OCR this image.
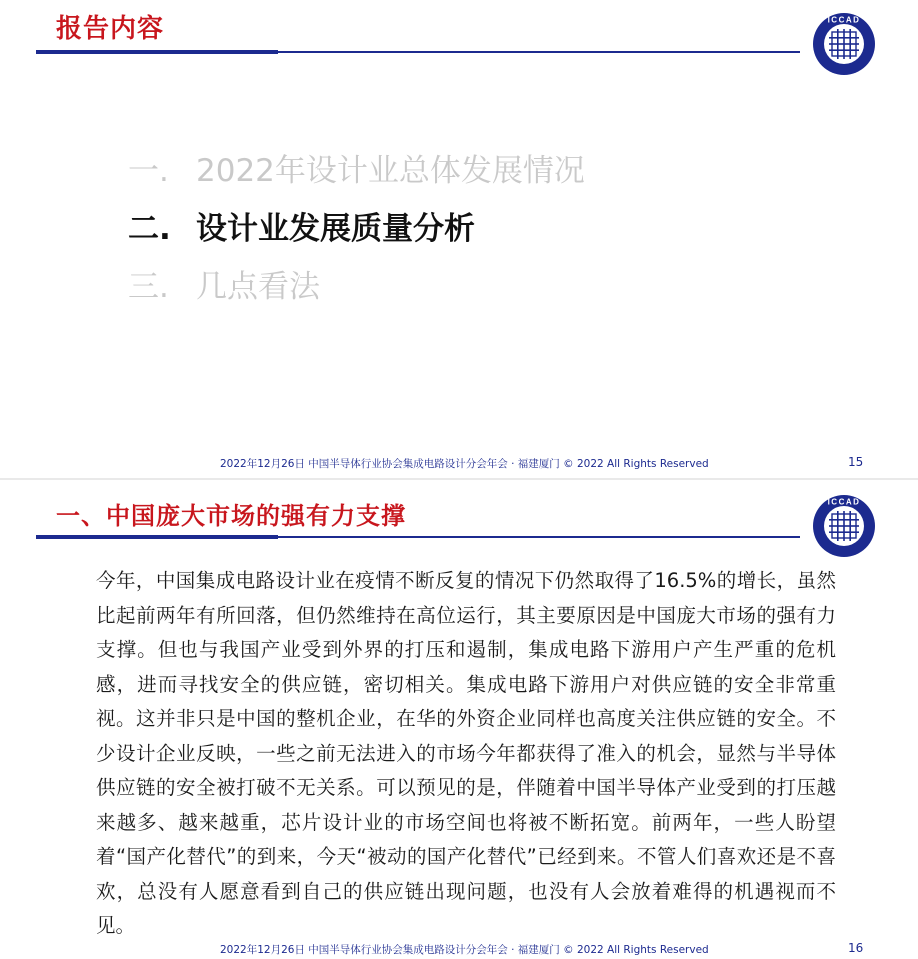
报告内容	ICCAD
一. 2022年设计业总体发展情况
二. 设计业发展质量分析
三. 几点看法
2022年12月26日 中国半导体行业协会集成电路设计分会年会 · 福建厦门 © 2022 All Rights Reserved	15
一、中国庞大市场的强有力支撑	ICCAD

今年，中国集成电路设计业在疫情不断反复的情况下仍然取得了16.5%的增长，虽然比起前两年有所回落，但仍然维持在高位运行，其主要原因是中国庞大市场的强有力支撑。但也与我国产业受到外界的打压和遏制，集成电路下游用户产生严重的危机感，进而寻找安全的供应链，密切相关。集成电路下游用户对供应链的安全非常重视。这并非只是中国的整机企业，在华的外资企业同样也高度关注供应链的安全。不少设计企业反映，一些之前无法进入的市场今年都获得了准入的机会，显然与半导体供应链的安全被打破不无关系。可以预见的是，伴随着中国半导体产业受到的打压越来越多、越来越重，芯片设计业的市场空间也将被不断拓宽。前两年，一些人盼望着“国产化替代”的到来，今天“被动的国产化替代”已经到来。不管人们喜欢还是不喜欢，总没有人愿意看到自己的供应链出现问题，也没有人会放着难得的机遇视而不见。

2022年12月26日 中国半导体行业协会集成电路设计分会年会 · 福建厦门 © 2022 All Rights Reserved	16
